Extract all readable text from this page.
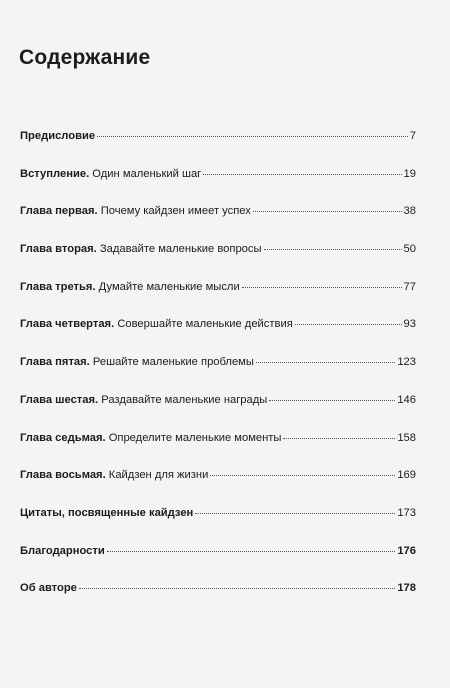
Содержание
Предисловие	7
Вступление. Один маленький шаг	19
Глава первая. Почему кайдзен имеет успех	38
Глава вторая. Задавайте маленькие вопросы	50
Глава третья. Думайте маленькие мысли	77
Глава четвертая. Совершайте маленькие действия	93
Глава пятая. Решайте маленькие проблемы	123
Глава шестая. Раздавайте маленькие награды	146
Глава седьмая. Определите маленькие моменты	158
Глава восьмая. Кайдзен для жизни	169
Цитаты, посвященные кайдзен	173
Благодарности	176
Об авторе	178
